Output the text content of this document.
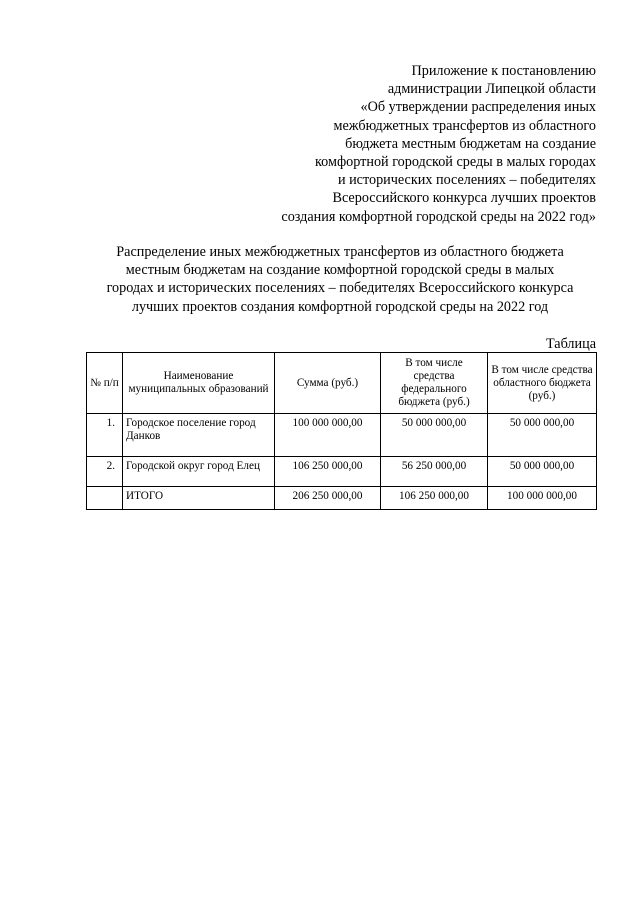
Приложение к постановлению
администрации Липецкой области
«Об утверждении распределения иных
межбюджетных трансфертов из областного
бюджета местным бюджетам на создание
комфортной городской среды в малых городах
и исторических поселениях – победителях
Всероссийского конкурса лучших проектов
создания комфортной городской среды на 2022 год»
Распределение иных межбюджетных трансфертов из областного бюджета
местным бюджетам на создание комфортной городской среды в малых
городах и исторических поселениях – победителях Всероссийского конкурса
лучших проектов создания комфортной городской среды на 2022 год
Таблица
№ п/п	Наименование муниципальных образований	Сумма (руб.)	В том числе средства федерального бюджета (руб.)	В том числе средства областного бюджета (руб.)
1.	Городское поселение город Данков	100 000 000,00	50 000 000,00	50 000 000,00
2.	Городской округ город Елец	106 250 000,00	56 250 000,00	50 000 000,00
	ИТОГО	206 250 000,00	106 250 000,00	100 000 000,00
